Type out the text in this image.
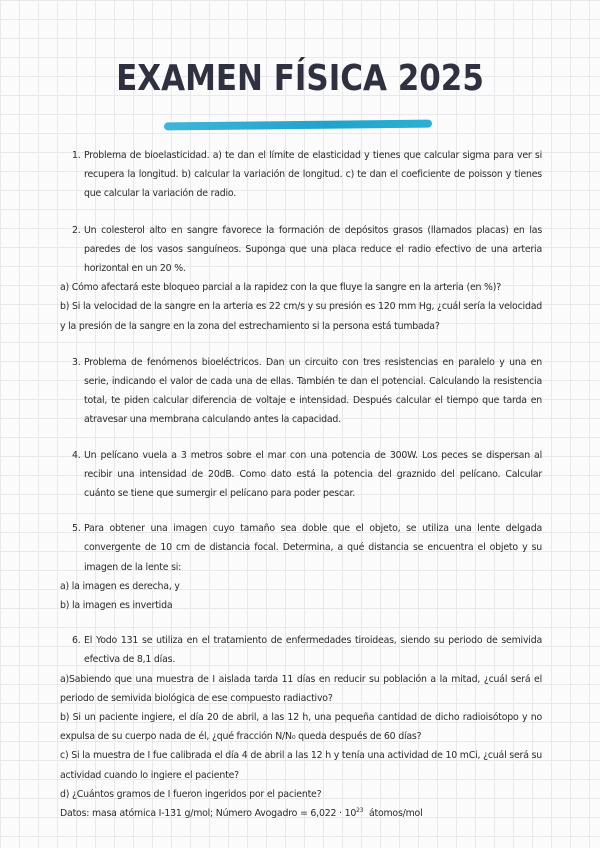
EXAMEN FÍSICA 2025
1. Problema de bioelasticidad. a) te dan el límite de elasticidad y tienes que calcular sigma para ver si recupera la longitud. b) calcular la variación de longitud. c) te dan el coeficiente de poisson y tienes que calcular la variación de radio.
2. Un colesterol alto en sangre favorece la formación de depósitos grasos (llamados placas) en las paredes de los vasos sanguíneos. Suponga que una placa reduce el radio efectivo de una arteria horizontal en un 20 %.
a) Cómo afectará este bloqueo parcial a la rapidez con la que fluye la sangre en la arteria (en %)?
b) Si la velocidad de la sangre en la arteria es 22 cm/s y su presión es 120 mm Hg, ¿cuál sería la velocidad y la presión de la sangre en la zona del estrechamiento si la persona está tumbada?
3. Problema de fenómenos bioeléctricos. Dan un circuito con tres resistencias en paralelo y una en serie, indicando el valor de cada una de ellas. También te dan el potencial. Calculando la resistencia total, te piden calcular diferencia de voltaje e intensidad. Después calcular el tiempo que tarda en atravesar una membrana calculando antes la capacidad.
4. Un pelícano vuela a 3 metros sobre el mar con una potencia de 300W. Los peces se dispersan al recibir una intensidad de 20dB. Como dato está la potencia del graznido del pelícano. Calcular cuánto se tiene que sumergir el pelícano para poder pescar.
5. Para obtener una imagen cuyo tamaño sea doble que el objeto, se utiliza una lente delgada convergente de 10 cm de distancia focal. Determina, a qué distancia se encuentra el objeto y su imagen de la lente si:
a) la imagen es derecha, y
b) la imagen es invertida
6. El Yodo 131 se utiliza en el tratamiento de enfermedades tiroideas, siendo su periodo de semivida efectiva de 8,1 días.
a)Sabiendo que una muestra de I aislada tarda 11 días en reducir su población a la mitad, ¿cuál será el periodo de semivida biológica de ese compuesto radiactivo?
b) Si un paciente ingiere, el día 20 de abril, a las 12 h, una pequeña cantidad de dicho radioisótopo y no expulsa de su cuerpo nada de él, ¿qué fracción N/N₀ queda después de 60 días?
c) Si la muestra de I fue calibrada el día 4 de abril a las 12 h y tenía una actividad de 10 mCi, ¿cuál será su actividad cuando lo ingiere el paciente?
d) ¿Cuántos gramos de I fueron ingeridos por el paciente?
Datos: masa atómica I-131 g/mol; Número Avogadro = $6,022 \cdot 10^{23}$ átomos/mol
